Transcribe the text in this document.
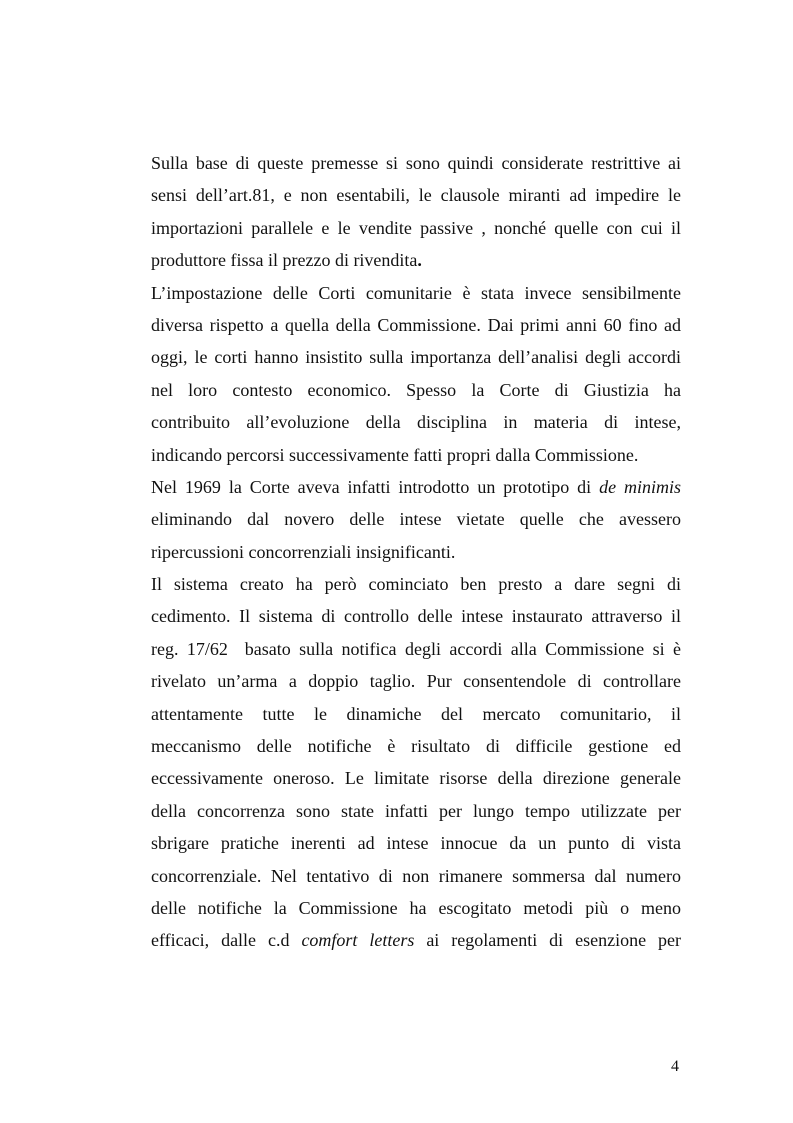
Sulla base di queste premesse si sono quindi considerate restrittive ai
sensi dell’art.81, e non esentabili, le clausole miranti ad impedire le
importazioni parallele e le vendite passive , nonché quelle con cui il
produttore fissa il prezzo di rivendita.
L’impostazione delle Corti comunitarie è stata invece sensibilmente
diversa rispetto a quella della Commissione. Dai primi anni 60 fino ad
oggi, le corti hanno insistito sulla importanza dell’analisi degli accordi
nel loro contesto economico. Spesso la Corte di Giustizia ha
contribuito all’evoluzione della disciplina in materia di intese,
indicando percorsi successivamente fatti propri dalla Commissione.
Nel 1969 la Corte aveva infatti introdotto un prototipo di de minimis
eliminando dal novero delle intese vietate quelle che avessero
ripercussioni concorrenziali insignificanti.
Il sistema creato ha però cominciato ben presto a dare segni di
cedimento. Il sistema di controllo delle intese instaurato attraverso il
reg. 17/62  basato sulla notifica degli accordi alla Commissione si è
rivelato un’arma a doppio taglio. Pur consentendole di controllare
attentamente tutte le dinamiche del mercato comunitario, il
meccanismo delle notifiche è risultato di difficile gestione ed
eccessivamente oneroso. Le limitate risorse della direzione generale
della concorrenza sono state infatti per lungo tempo utilizzate per
sbrigare pratiche inerenti ad intese innocue da un punto di vista
concorrenziale. Nel tentativo di non rimanere sommersa dal numero
delle notifiche la Commissione ha escogitato metodi più o meno
efficaci, dalle c.d comfort letters ai regolamenti di esenzione per
4
